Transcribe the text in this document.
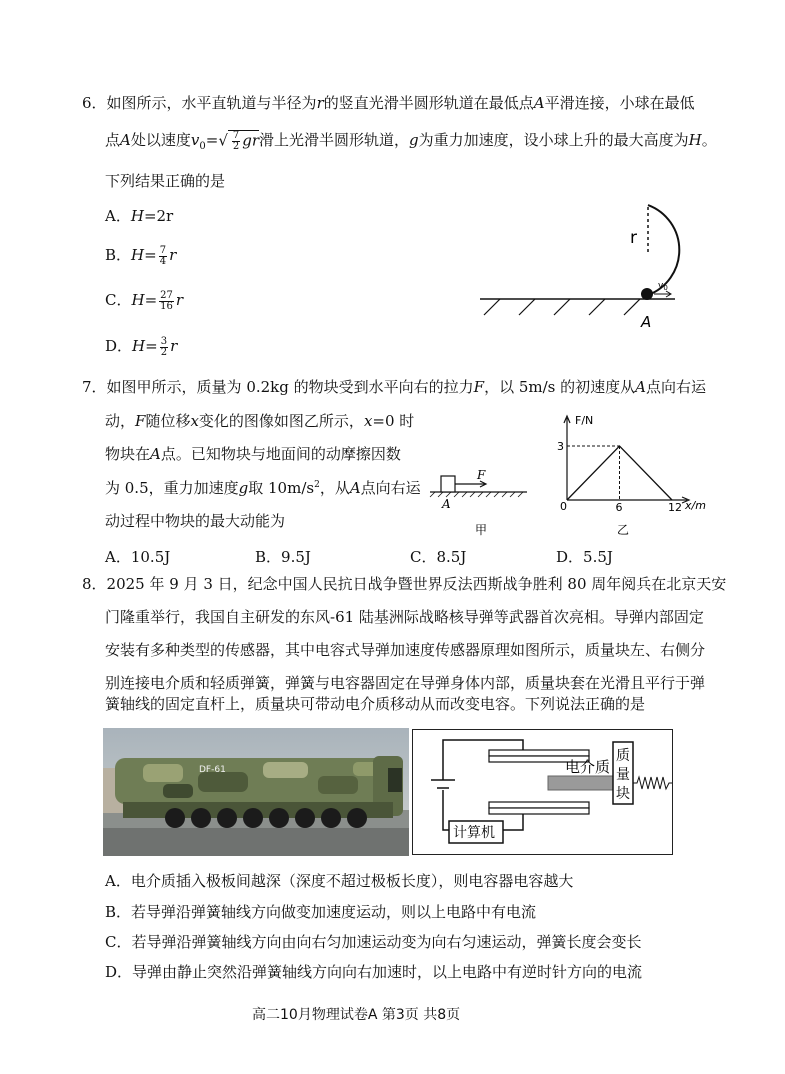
6．如图所示，水平直轨道与半径为r的竖直光滑半圆形轨道在最低点A平滑连接，小球在最低
点A处以速度$v_0=√ \frac{7}{2}$ gr滑上光滑半圆形轨道，g为重力加速度，设小球上升的最大高度为H。
下列结果正确的是
A．H=2r
B．$H= \frac{7}{4}$ r
C．$H= \frac{27}{16}$ r
D．$H= \frac{3}{2}$ r
r
$v_0$
A
7．如图甲所示，质量为 0.2kg 的物块受到水平向右的拉力F，以 5m/s 的初速度从A点向右运
动，F随位移x变化的图像如图乙所示，x=0 时
物块在A点。已知物块与地面间的动摩擦因数
为 0.5，重力加速度g取 $10m/s^2$，从A点向右运
动过程中物块的最大动能为
F
A
甲
F/N
x/m
0
3
6	12
乙
A．10.5J	B．9.5J	C．8.5J	D．5.5J
8．2025 年 9 月 3 日，纪念中国人民抗日战争暨世界反法西斯战争胜利 80 周年阅兵在北京天安
门隆重举行，我国自主研发的东风-61 陆基洲际战略核导弹等武器首次亮相。导弹内部固定
安装有多种类型的传感器，其中电容式导弹加速度传感器原理如图所示，质量块左、右侧分
别连接电介质和轻质弹簧，弹簧与电容器固定在导弹身体内部，质量块套在光滑且平行于弹
簧轴线的固定直杆上，质量块可带动电介质移动从而改变电容。下列说法正确的是
DF-61	电介质
质
量
块
计算机
A．电介质插入极板间越深（深度不超过极板长度），则电容器电容越大
B．若导弹沿弹簧轴线方向做变加速度运动，则以上电路中有电流
C．若导弹沿弹簧轴线方向由向右匀加速运动变为向右匀速运动，弹簧长度会变长
D．导弹由静止突然沿弹簧轴线方向向右加速时，以上电路中有逆时针方向的电流
高二10月物理试卷A 第3页 共8页
